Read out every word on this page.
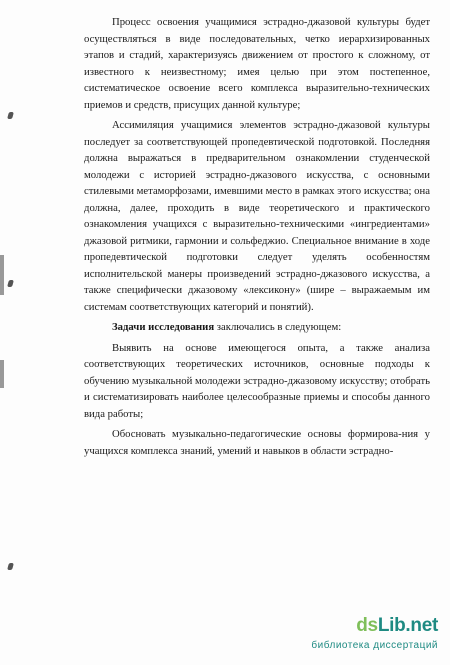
Процесс освоения учащимися эстрадно-джазовой культуры будет осуществляться в виде последовательных, четко иерархизированных этапов и стадий, характеризуясь движением от простого к сложному, от известного к неизвестному; имея целью при этом постепенное, систематическое освоение всего комплекса выразительно-технических приемов и средств, присущих данной культуре;

Ассимиляция учащимися элементов эстрадно-джазовой культуры последует за соответствующей пропедевтической подготовкой. Последняя должна выражаться в предварительном ознакомлении студенческой молодежи с историей эстрадно-джазового искусства, с основными стилевыми метаморфозами, имевшими место в рамках этого искусства; она должна, далее, проходить в виде теоретического и практического ознакомления учащихся с выразительно-техническими «ингредиентами» джазовой ритмики, гармонии и сольфеджио. Специальное внимание в ходе пропедевтической подготовки следует уделять особенностям исполнительской манеры произведений эстрадно-джазового искусства, а также специфически джазовому «лексикону» (шире – выражаемым им системам соответствующих категорий и понятий).

Задачи исследования заключались в следующем:

Выявить на основе имеющегося опыта, а также анализа соответствующих теоретических источников, основные подходы к обучению музыкальной молодежи эстрадно-джазовому искусству; отобрать и систематизировать наиболее целесообразные приемы и способы данного вида работы;

Обосновать музыкально-педагогические основы формирова-ния у учащихся комплекса знаний, умений и навыков в области эстрадно-

dsLib.net
библиотека диссертаций
